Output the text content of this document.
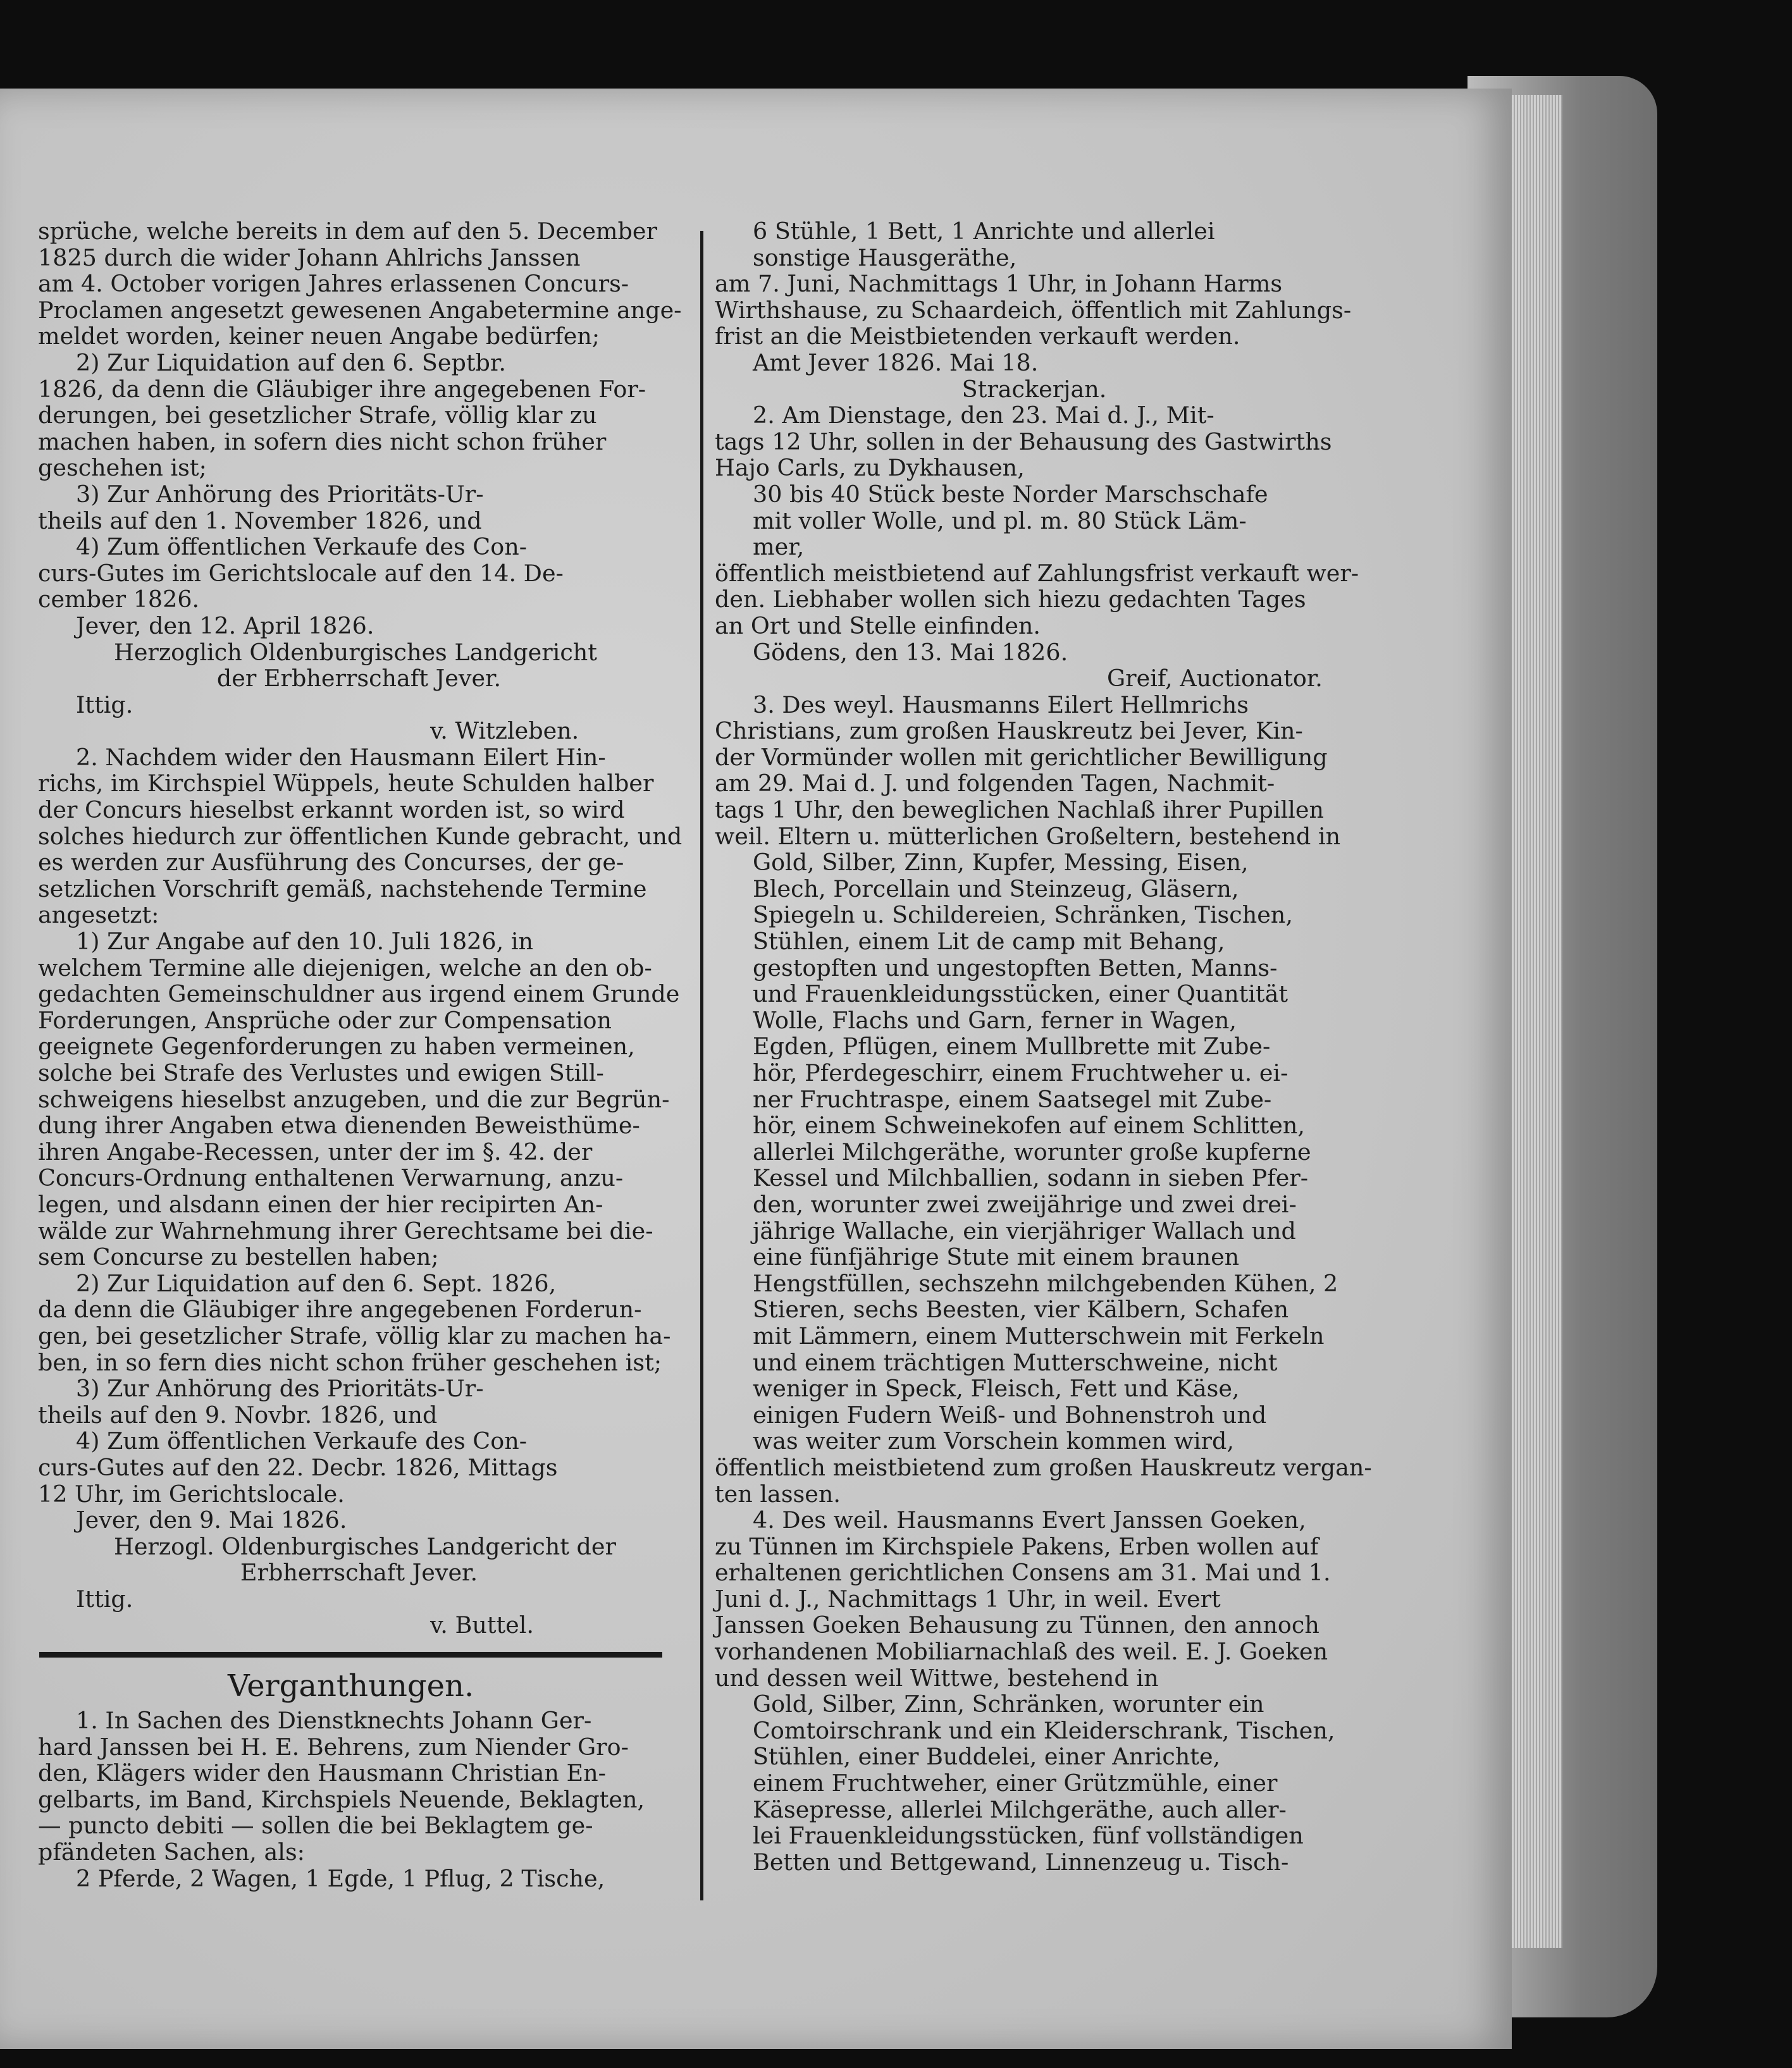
sprüche, welche bereits in dem auf den 5. December

1825 durch die wider Johann Ahlrichs Janssen

am 4. October vorigen Jahres erlassenen Concurs-

Proclamen angesetzt gewesenen Angabetermine ange-

meldet worden, keiner neuen Angabe bedürfen;

2) Zur Liquidation auf den 6. Septbr.

1826, da denn die Gläubiger ihre angegebenen For-

derungen, bei gesetzlicher Strafe, völlig klar zu

machen haben, in sofern dies nicht schon früher

geschehen ist;

3) Zur Anhörung des Prioritäts-Ur-

theils auf den 1. November 1826, und

4) Zum öffentlichen Verkaufe des Con-

curs-Gutes im Gerichtslocale auf den 14. De-

cember 1826.

Jever, den 12. April 1826.

Herzoglich Oldenburgisches Landgericht

der Erbherrschaft Jever.

Ittig.

v. Witzleben.

2. Nachdem wider den Hausmann Eilert Hin-

richs, im Kirchspiel Wüppels, heute Schulden halber

der Concurs hieselbst erkannt worden ist, so wird

solches hiedurch zur öffentlichen Kunde gebracht, und

es werden zur Ausführung des Concurses, der ge-

setzlichen Vorschrift gemäß, nachstehende Termine

angesetzt:

1) Zur Angabe auf den 10. Juli 1826, in

welchem Termine alle diejenigen, welche an den ob-

gedachten Gemeinschuldner aus irgend einem Grunde

Forderungen, Ansprüche oder zur Compensation

geeignete Gegenforderungen zu haben vermeinen,

solche bei Strafe des Verlustes und ewigen Still-

schweigens hieselbst anzugeben, und die zur Begrün-

dung ihrer Angaben etwa dienenden Beweisthüme-

ihren Angabe-Recessen, unter der im §. 42. der

Concurs-Ordnung enthaltenen Verwarnung, anzu-

legen, und alsdann einen der hier recipirten An-

wälde zur Wahrnehmung ihrer Gerechtsame bei die-

sem Concurse zu bestellen haben;

2) Zur Liquidation auf den 6. Sept. 1826,

da denn die Gläubiger ihre angegebenen Forderun-

gen, bei gesetzlicher Strafe, völlig klar zu machen ha-

ben, in so fern dies nicht schon früher geschehen ist;

3) Zur Anhörung des Prioritäts-Ur-

theils auf den 9. Novbr. 1826, und

4) Zum öffentlichen Verkaufe des Con-

curs-Gutes auf den 22. Decbr. 1826, Mittags

12 Uhr, im Gerichtslocale.

Jever, den 9. Mai 1826.

Herzogl. Oldenburgisches Landgericht der

Erbherrschaft Jever.

Ittig.

v. Buttel.

Verganthungen.

1. In Sachen des Dienstknechts Johann Ger-

hard Janssen bei H. E. Behrens, zum Niender Gro-

den, Klägers wider den Hausmann Christian En-

gelbarts, im Band, Kirchspiels Neuende, Beklagten,

— puncto debiti — sollen die bei Beklagtem ge-

pfändeten Sachen, als:

2 Pferde, 2 Wagen, 1 Egde, 1 Pflug, 2 Tische,

6 Stühle, 1 Bett, 1 Anrichte und allerlei

sonstige Hausgeräthe,

am 7. Juni, Nachmittags 1 Uhr, in Johann Harms

Wirthshause, zu Schaardeich, öffentlich mit Zahlungs-

frist an die Meistbietenden verkauft werden.

Amt Jever 1826. Mai 18.

Strackerjan.

2. Am Dienstage, den 23. Mai d. J., Mit-

tags 12 Uhr, sollen in der Behausung des Gastwirths

Hajo Carls, zu Dykhausen,

30 bis 40 Stück beste Norder Marschschafe

mit voller Wolle, und pl. m. 80 Stück Läm-

mer,

öffentlich meistbietend auf Zahlungsfrist verkauft wer-

den. Liebhaber wollen sich hiezu gedachten Tages

an Ort und Stelle einfinden.

Gödens, den 13. Mai 1826.

Greif, Auctionator.

3. Des weyl. Hausmanns Eilert Hellmrichs

Christians, zum großen Hauskreutz bei Jever, Kin-

der Vormünder wollen mit gerichtlicher Bewilligung

am 29. Mai d. J. und folgenden Tagen, Nachmit-

tags 1 Uhr, den beweglichen Nachlaß ihrer Pupillen

weil. Eltern u. mütterlichen Großeltern, bestehend in

Gold, Silber, Zinn, Kupfer, Messing, Eisen,

Blech, Porcellain und Steinzeug, Gläsern,

Spiegeln u. Schildereien, Schränken, Tischen,

Stühlen, einem Lit de camp mit Behang,

gestopften und ungestopften Betten, Manns-

und Frauenkleidungsstücken, einer Quantität

Wolle, Flachs und Garn, ferner in Wagen,

Egden, Pflügen, einem Mullbrette mit Zube-

hör, Pferdegeschirr, einem Fruchtweher u. ei-

ner Fruchtraspe, einem Saatsegel mit Zube-

hör, einem Schweinekofen auf einem Schlitten,

allerlei Milchgeräthe, worunter große kupferne

Kessel und Milchballien, sodann in sieben Pfer-

den, worunter zwei zweijährige und zwei drei-

jährige Wallache, ein vierjähriger Wallach und

eine fünfjährige Stute mit einem braunen

Hengstfüllen, sechszehn milchgebenden Kühen, 2

Stieren, sechs Beesten, vier Kälbern, Schafen

mit Lämmern, einem Mutterschwein mit Ferkeln

und einem trächtigen Mutterschweine, nicht

weniger in Speck, Fleisch, Fett und Käse,

einigen Fudern Weiß- und Bohnenstroh und

was weiter zum Vorschein kommen wird,

öffentlich meistbietend zum großen Hauskreutz vergan-

ten lassen.

4. Des weil. Hausmanns Evert Janssen Goeken,

zu Tünnen im Kirchspiele Pakens, Erben wollen auf

erhaltenen gerichtlichen Consens am 31. Mai und 1.

Juni d. J., Nachmittags 1 Uhr, in weil. Evert

Janssen Goeken Behausung zu Tünnen, den annoch

vorhandenen Mobiliarnachlaß des weil. E. J. Goeken

und dessen weil Wittwe, bestehend in

Gold, Silber, Zinn, Schränken, worunter ein

Comtoirschrank und ein Kleiderschrank, Tischen,

Stühlen, einer Buddelei, einer Anrichte,

einem Fruchtweher, einer Grützmühle, einer

Käsepresse, allerlei Milchgeräthe, auch aller-

lei Frauenkleidungsstücken, fünf vollständigen

Betten und Bettgewand, Linnenzeug u. Tisch-
